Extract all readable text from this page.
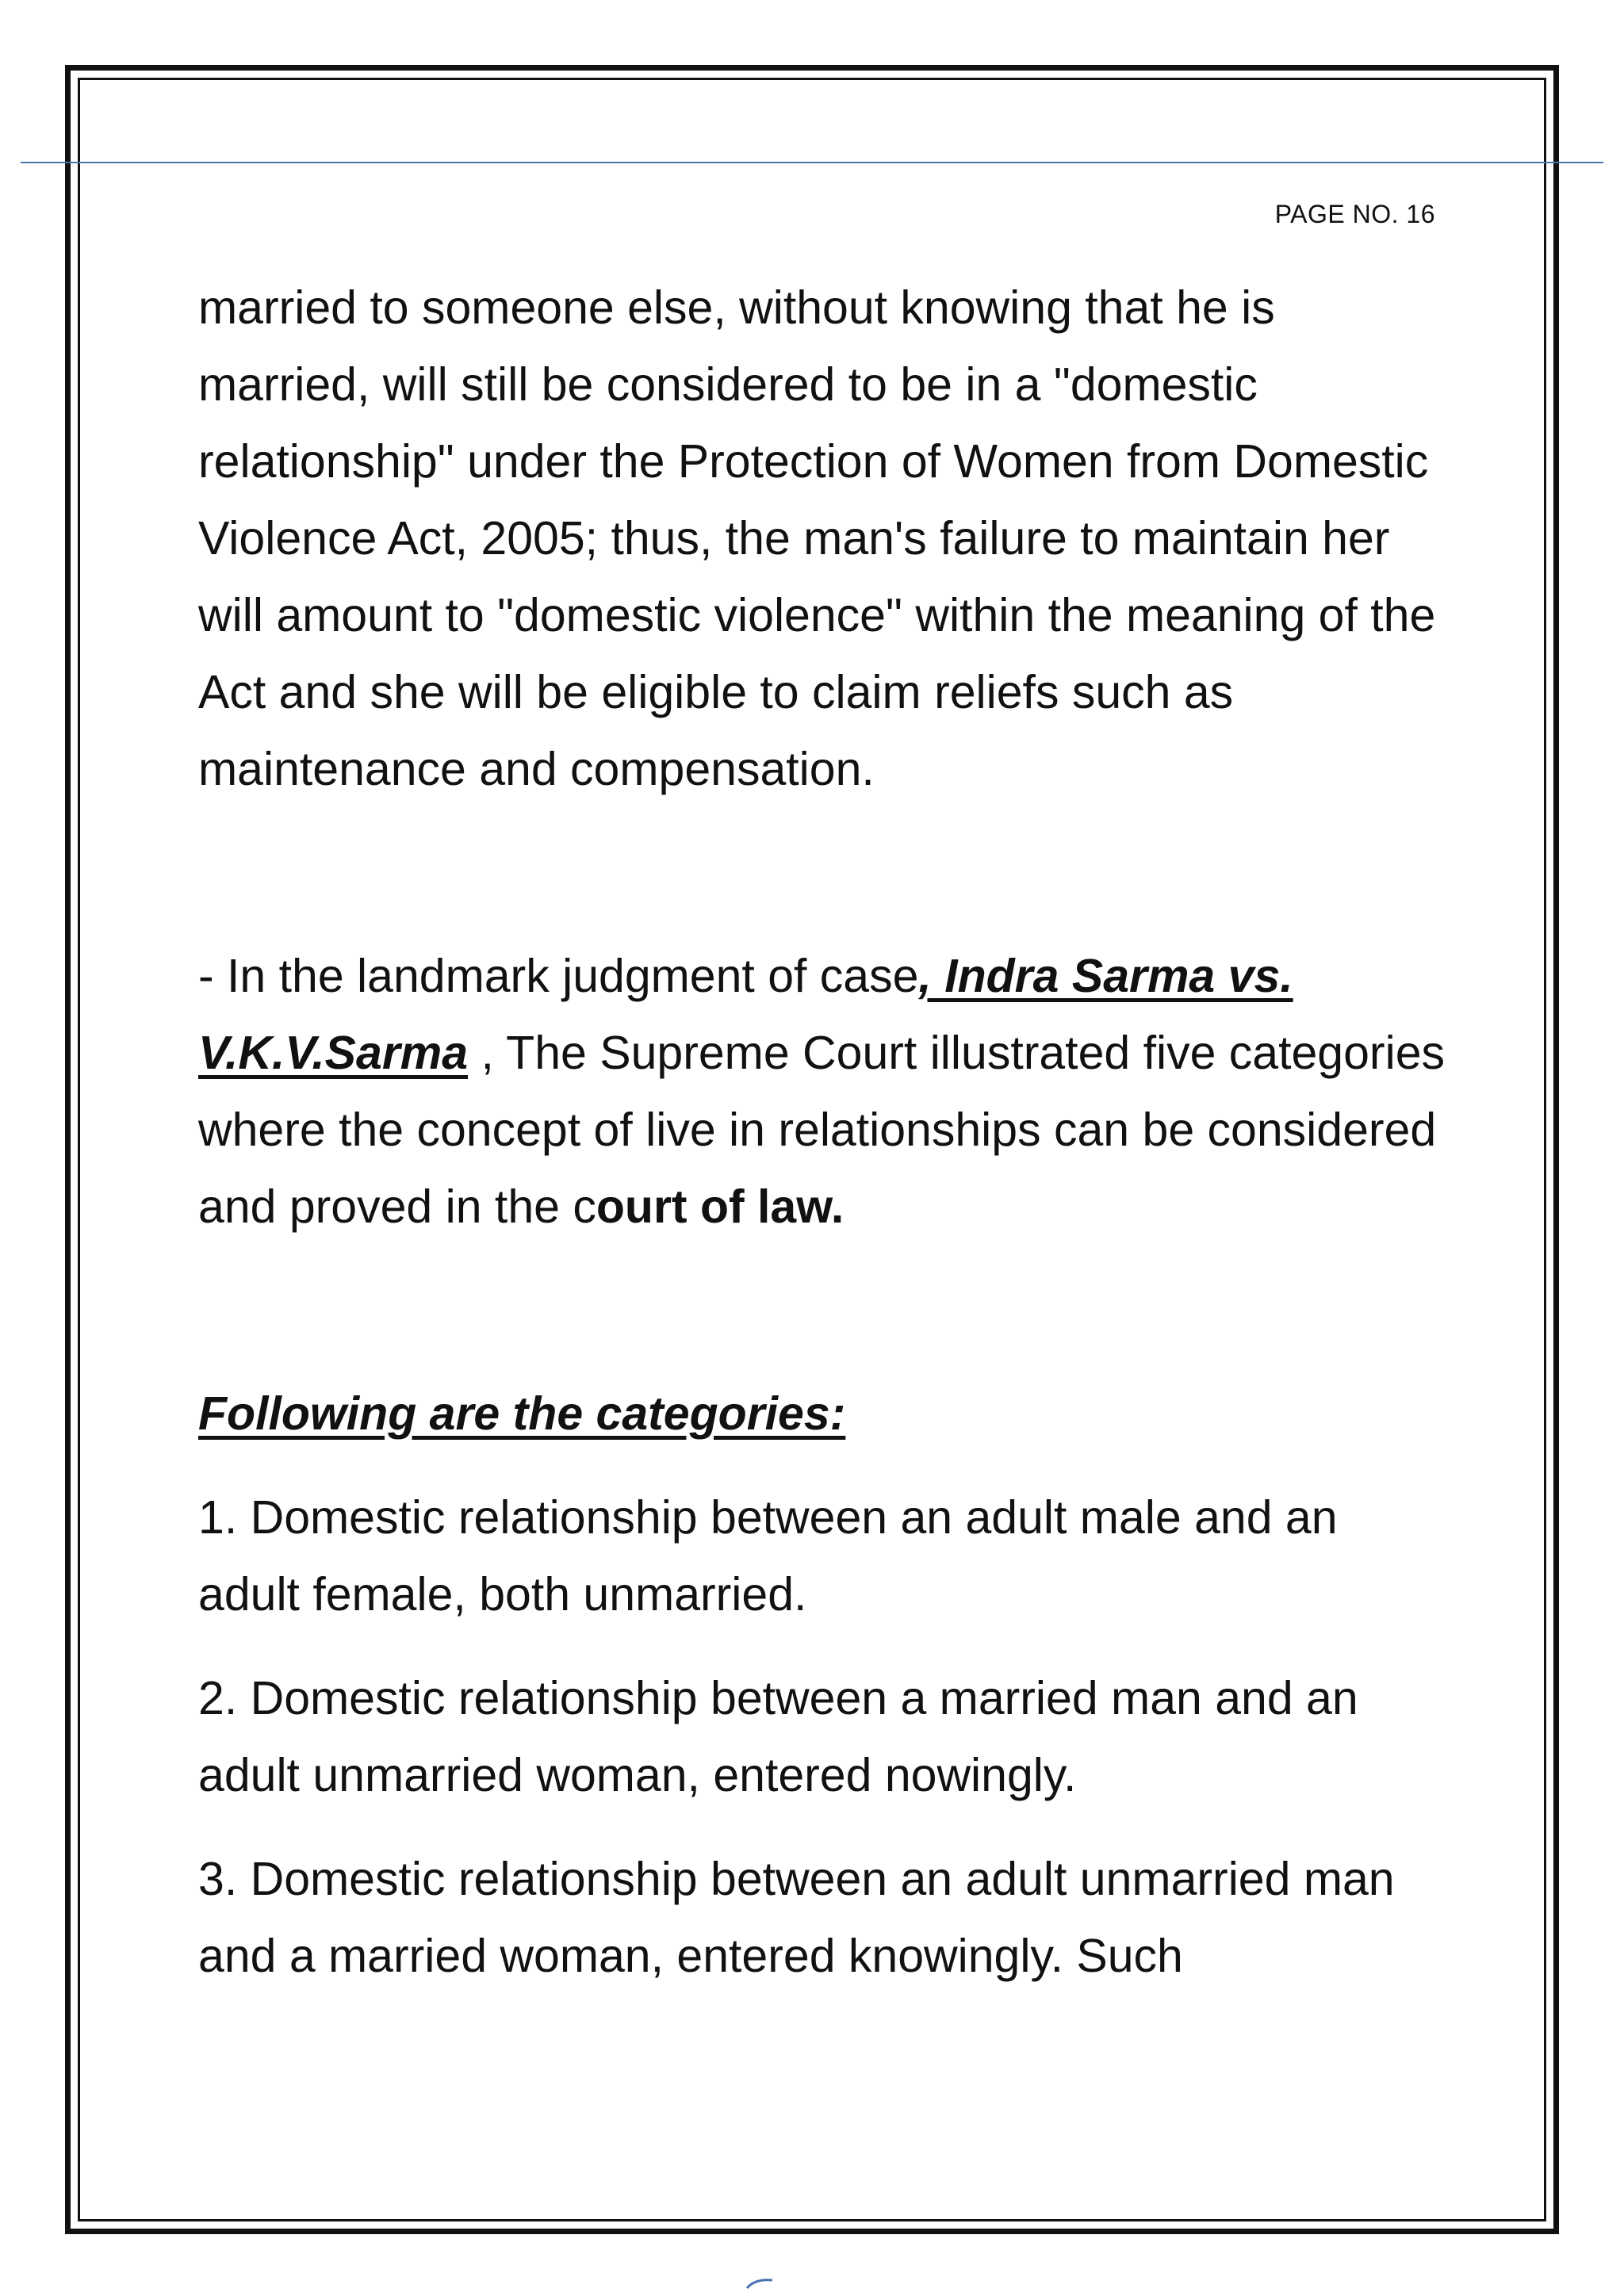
PAGE NO. 16

married to someone else, without knowing that he is married, will still be considered to be in a "domestic relationship" under the Protection of Women from Domestic Violence Act, 2005; thus, the man's failure to maintain her will amount to "domestic violence" within the meaning of the Act and she will be eligible to claim reliefs such as maintenance and compensation.

- In the landmark judgment of case, Indra Sarma vs. V.K.V.Sarma , The Supreme Court illustrated five categories where the concept of live in relationships can be considered and proved in the court of law.

Following are the categories:

1. Domestic relationship between an adult male and an adult female, both unmarried.

2. Domestic relationship between a married man and an adult unmarried woman, entered nowingly.

3. Domestic relationship between an adult unmarried man and a married woman, entered knowingly. Such
